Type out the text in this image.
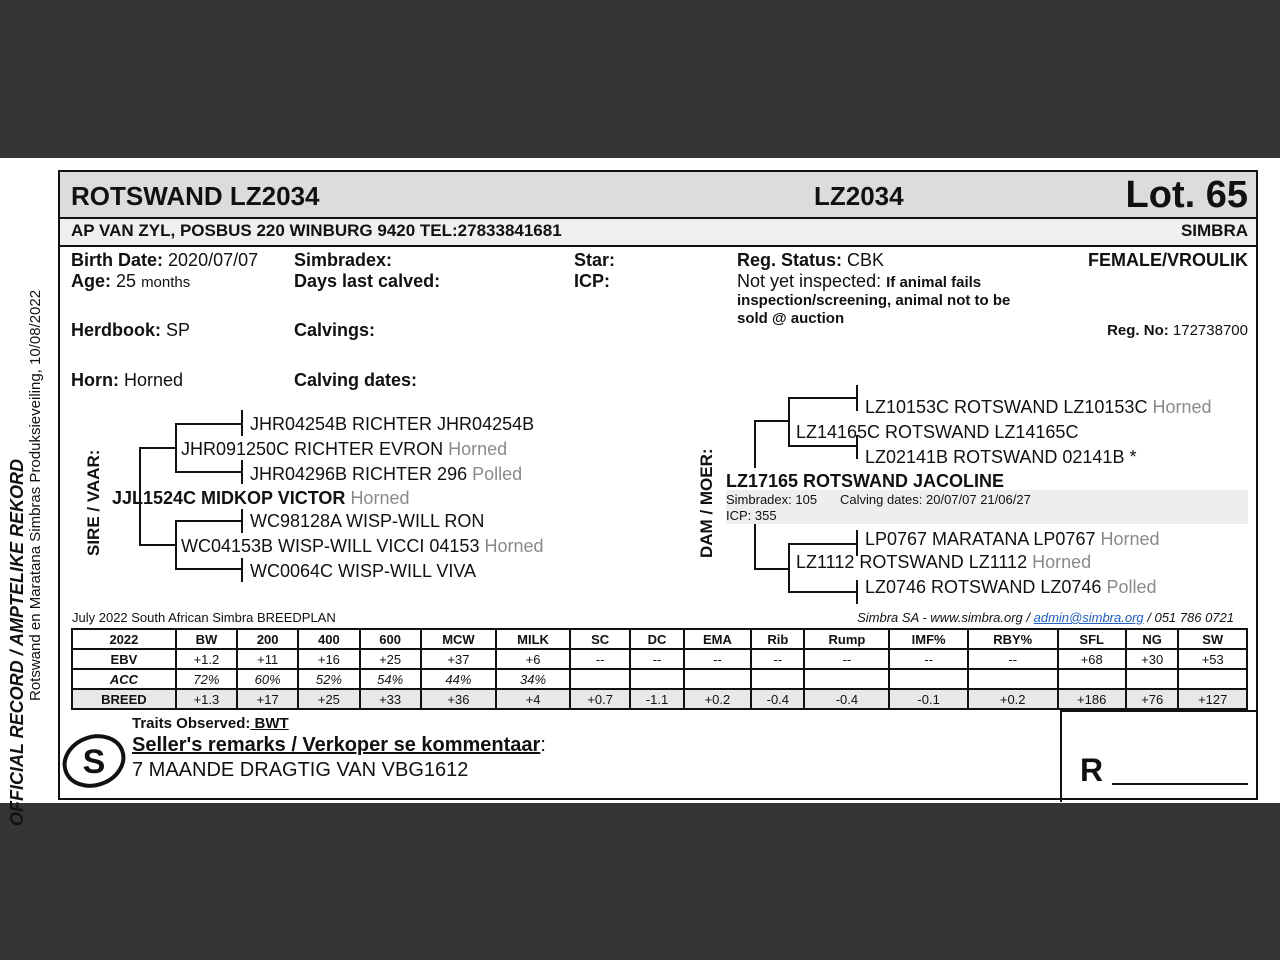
OFFICIAL RECORD / AMPTELIKE REKORD Rotswand en Maratana Simbras Produksieveiling, 10/08/2022
ROTSWAND LZ2034	LZ2034	Lot. 65
AP VAN ZYL, POSBUS 220 WINBURG 9420 TEL:27833841681	SIMBRA
Birth Date: 2020/07/07
Age: 25 months
Herdbook: SP
Horn: Horned
Simbradex:
Days last calved:
Calvings:
Calving dates:
Star:
ICP:
Reg. Status: CBK
Not yet inspected: If animal fails
inspection/screening, animal not to be
sold @ auction
FEMALE/VROULIK
Reg. No: 172738700
SIRE / VAAR:
JHR04254B RICHTER JHR04254B
JHR091250C RICHTER EVRON Horned
JHR04296B RICHTER 296 Polled
JJL1524C MIDKOP VICTOR Horned
WC98128A WISP-WILL RON
WC04153B WISP-WILL VICCI 04153 Horned
WC0064C WISP-WILL VIVA
DAM / MOER:
LZ10153C ROTSWAND LZ10153C Horned
LZ14165C ROTSWAND LZ14165C
LZ02141B ROTSWAND 02141B *
LZ17165 ROTSWAND JACOLINE
Simbradex: 105 Calving dates: 20/07/07 21/06/27
ICP: 355
LP0767 MARATANA LP0767 Horned
LZ1112 ROTSWAND LZ1112 Horned
LZ0746 ROTSWAND LZ0746 Polled
July 2022 South African Simbra BREEDPLAN	Simbra SA - www.simbra.org / admin@simbra.org / 051 786 0721
2022	BW	200	400	600	MCW	MILK	SC	DC	EMA	Rib	Rump	IMF%	RBY%	SFL	NG	SW
EBV	+1.2	+11	+16	+25	+37	+6	--	--	--	--	--	--	--	+68	+30	+53
ACC	72%	60%	52%	54%	44%	34%										
BREED	+1.3	+17	+25	+33	+36	+4	+0.7	-1.1	+0.2	-0.4	-0.4	-0.1	+0.2	+186	+76	+127
S
Traits Observed: BWT
Seller's remarks / Verkoper se kommentaar:
7 MAANDE DRAGTIG VAN VBG1612	R
